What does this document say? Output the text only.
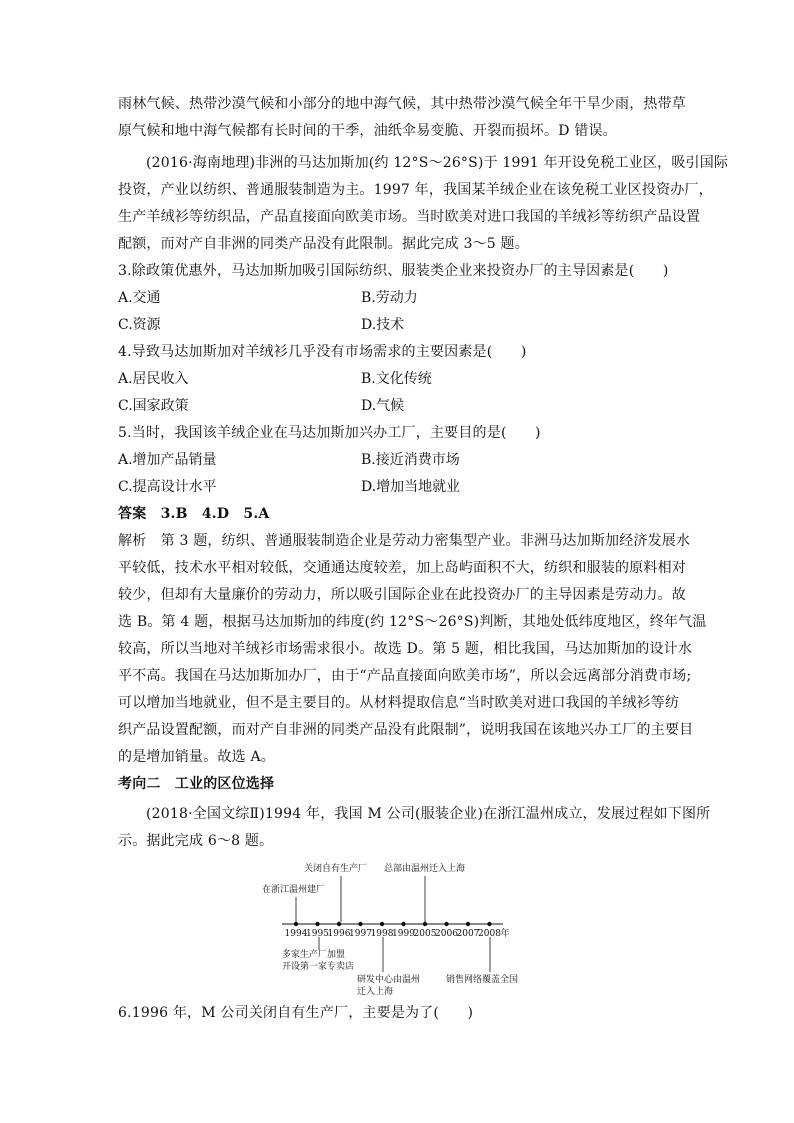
雨林气候、热带沙漠气候和小部分的地中海气候，其中热带沙漠气候全年干旱少雨，热带草
原气候和地中海气候都有长时间的干季，油纸伞易变脆、开裂而损坏。D 错误。
(2016·海南地理)非洲的马达加斯加(约 12°S～26°S)于 1991 年开设免税工业区，吸引国际
投资，产业以纺织、普通服装制造为主。1997 年，我国某羊绒企业在该免税工业区投资办厂，
生产羊绒衫等纺织品，产品直接面向欧美市场。当时欧美对进口我国的羊绒衫等纺织产品设置
配额，而对产自非洲的同类产品没有此限制。据此完成 3～5 题。
3.除政策优惠外，马达加斯加吸引国际纺织、服装类企业来投资办厂的主导因素是(　　)
A.交通	B.劳动力
C.资源	D.技术
4.导致马达加斯加对羊绒衫几乎没有市场需求的主要因素是(　　)
A.居民收入	B.文化传统
C.国家政策	D.气候
5.当时，我国该羊绒企业在马达加斯加兴办工厂，主要目的是(　　)
A.增加产品销量	B.接近消费市场
C.提高设计水平	D.增加当地就业
答案　3.B　4.D　5.A
解析　第 3 题，纺织、普通服装制造企业是劳动力密集型产业。非洲马达加斯加经济发展水
平较低，技术水平相对较低，交通通达度较差，加上岛屿面积不大，纺织和服装的原料相对
较少，但却有大量廉价的劳动力，所以吸引国际企业在此投资办厂的主导因素是劳动力。故
选 B。第 4 题，根据马达加斯加的纬度(约 12°S～26°S)判断，其地处低纬度地区，终年气温
较高，所以当地对羊绒衫市场需求很小。故选 D。第 5 题，相比我国，马达加斯加的设计水
平不高。我国在马达加斯加办厂，由于“产品直接面向欧美市场”，所以会远离部分消费市场;
可以增加当地就业，但不是主要目的。从材料提取信息“当时欧美对进口我国的羊绒衫等纺
织产品设置配额，而对产自非洲的同类产品没有此限制”，说明我国在该地兴办工厂的主要目
的是增加销量。故选 A。
考向二　工业的区位选择
(2018·全国文综Ⅱ)1994 年，我国 M 公司(服装企业)在浙江温州成立，发展过程如下图所
示。据此完成 6～8 题。
1994
1995
1996
1997
1998
1999
2005
2006
2007
2008 年
关闭自有生产厂 总部由温州迁入上海
在浙江温州建厂
多家生产厂加盟
开设第一家专卖店
研发中心由温州
迁入上海
销售网络覆盖全国
6.1996 年，M 公司关闭自有生产厂，主要是为了(　　)
